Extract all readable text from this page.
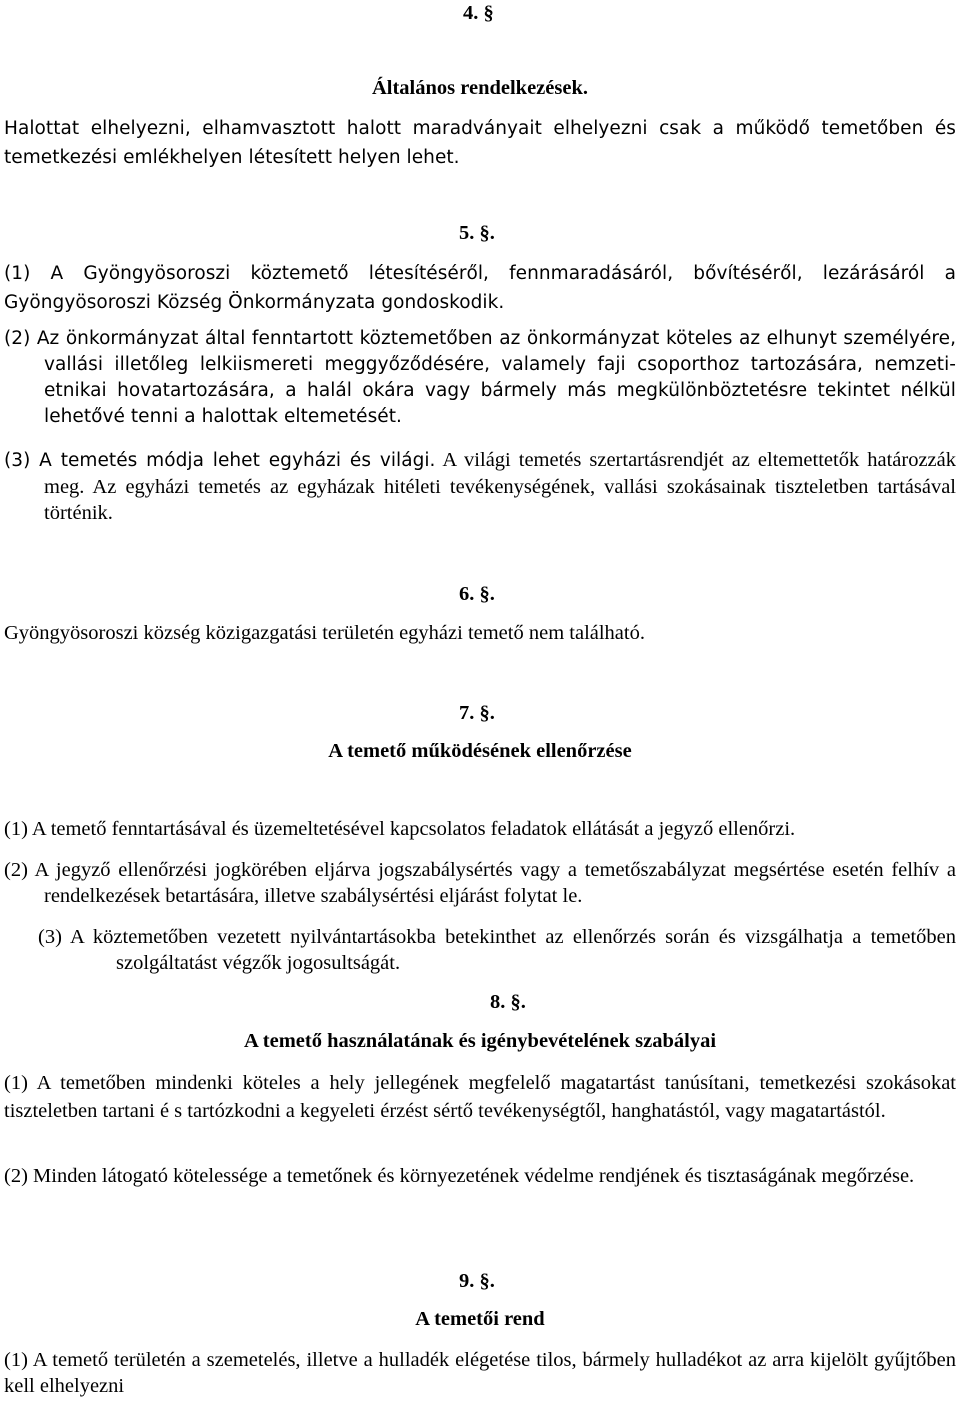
4. §
Általános rendelkezések.

Halottat elhelyezni, elhamvasztott halott maradványait elhelyezni csak a működő temetőben és temetkezési emlékhelyen létesített helyen lehet.

5. §.

(1) A Gyöngyösoroszi köztemető létesítéséről, fennmaradásáról, bővítéséről, lezárásáról a Gyöngyösoroszi Község Önkormányzata gondoskodik.

(2) Az önkormányzat által fenntartott köztemetőben az önkormányzat köteles az elhunyt személyére, vallási illetőleg lelkiismereti meggyőződésére, valamely faji csoporthoz tartozására, nemzeti-etnikai hovatartozására, a halál okára vagy bármely más megkülönböztetésre tekintet nélkül lehetővé tenni a halottak eltemetését.

(3) A temetés módja lehet egyházi és világi. A világi temetés szertartásrendjét az eltemettetők határozzák meg. Az egyházi temetés az egyházak hitéleti tevékenységének, vallási szokásainak tiszteletben tartásával történik.

6. §.

Gyöngyösoroszi község közigazgatási területén egyházi temető nem található.

7. §.
A temető működésének ellenőrzése

(1) A temető fenntartásával és üzemeltetésével kapcsolatos feladatok ellátását a jegyző ellenőrzi.

(2) A jegyző ellenőrzési jogkörében eljárva jogszabálysértés vagy a temetőszabályzat megsértése esetén felhív a rendelkezések betartására, illetve szabálysértési eljárást folytat le.

(3) A köztemetőben vezetett nyilvántartásokba betekinthet az ellenőrzés során és vizsgálhatja a temetőben szolgáltatást végzők jogosultságát.

8. §.
A temető használatának és igénybevételének szabályai

(1) A temetőben mindenki köteles a hely jellegének megfelelő magatartást tanúsítani, temetkezési szokásokat tiszteletben tartani é s tartózkodni a kegyeleti érzést sértő tevékenységtől, hanghatástól, vagy magatartástól.

(2) Minden látogató kötelessége a temetőnek és környezetének védelme rendjének és tisztaságának megőrzése.

9. §.
A temetői rend

(1) A temető területén a szemetelés, illetve a hulladék elégetése tilos, bármely hulladékot az arra kijelölt gyűjtőben kell elhelyezni
